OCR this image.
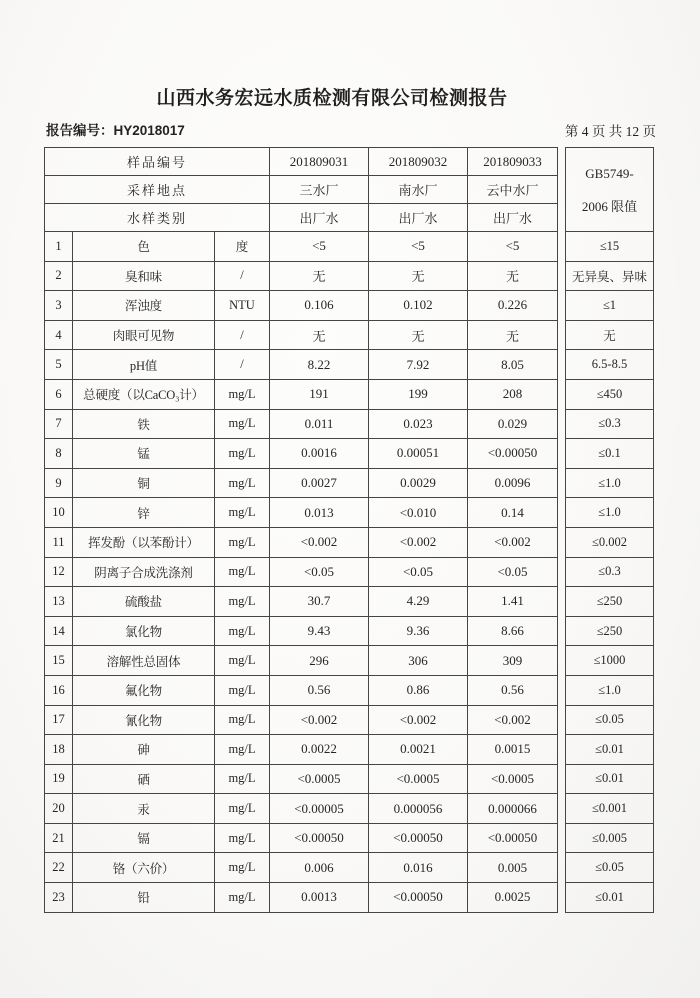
山西水务宏远水质检测有限公司检测报告
报告编号：HY2018017	第 4 页 共 12 页
样品编号			201809031	201809032	201809033		GB5749-
2006 限值

采样地点			三水厂	南水厂	云中水厂		
水样类别			出厂水	出厂水	出厂水		
1	色	度	<5	<5	<5		≤15
2	臭和味	/	无	无	无		无异臭、异味
3	浑浊度	NTU	0.106	0.102	0.226		≤1
4	肉眼可见物	/	无	无	无		无
5	pH值	/	8.22	7.92	8.05		6.5-8.5
6	总硬度（以CaCO₃计）	mg/L	191	199	208		≤450
7	铁	mg/L	0.011	0.023	0.029		≤0.3
8	锰	mg/L	0.0016	0.00051	<0.00050		≤0.1
9	铜	mg/L	0.0027	0.0029	0.0096		≤1.0
10	锌	mg/L	0.013	<0.010	0.14		≤1.0
11	挥发酚（以苯酚计）	mg/L	<0.002	<0.002	<0.002		≤0.002
12	阴离子合成洗涤剂	mg/L	<0.05	<0.05	<0.05		≤0.3
13	硫酸盐	mg/L	30.7	4.29	1.41		≤250
14	氯化物	mg/L	9.43	9.36	8.66		≤250
15	溶解性总固体	mg/L	296	306	309		≤1000
16	氟化物	mg/L	0.56	0.86	0.56		≤1.0
17	氰化物	mg/L	<0.002	<0.002	<0.002		≤0.05
18	砷	mg/L	0.0022	0.0021	0.0015		≤0.01
19	硒	mg/L	<0.0005	<0.0005	<0.0005		≤0.01
20	汞	mg/L	<0.00005	0.000056	0.000066		≤0.001
21	镉	mg/L	<0.00050	<0.00050	<0.00050		≤0.005
22	铬（六价）	mg/L	0.006	0.016	0.005		≤0.05
23	铅	mg/L	0.0013	<0.00050	0.0025		≤0.01
